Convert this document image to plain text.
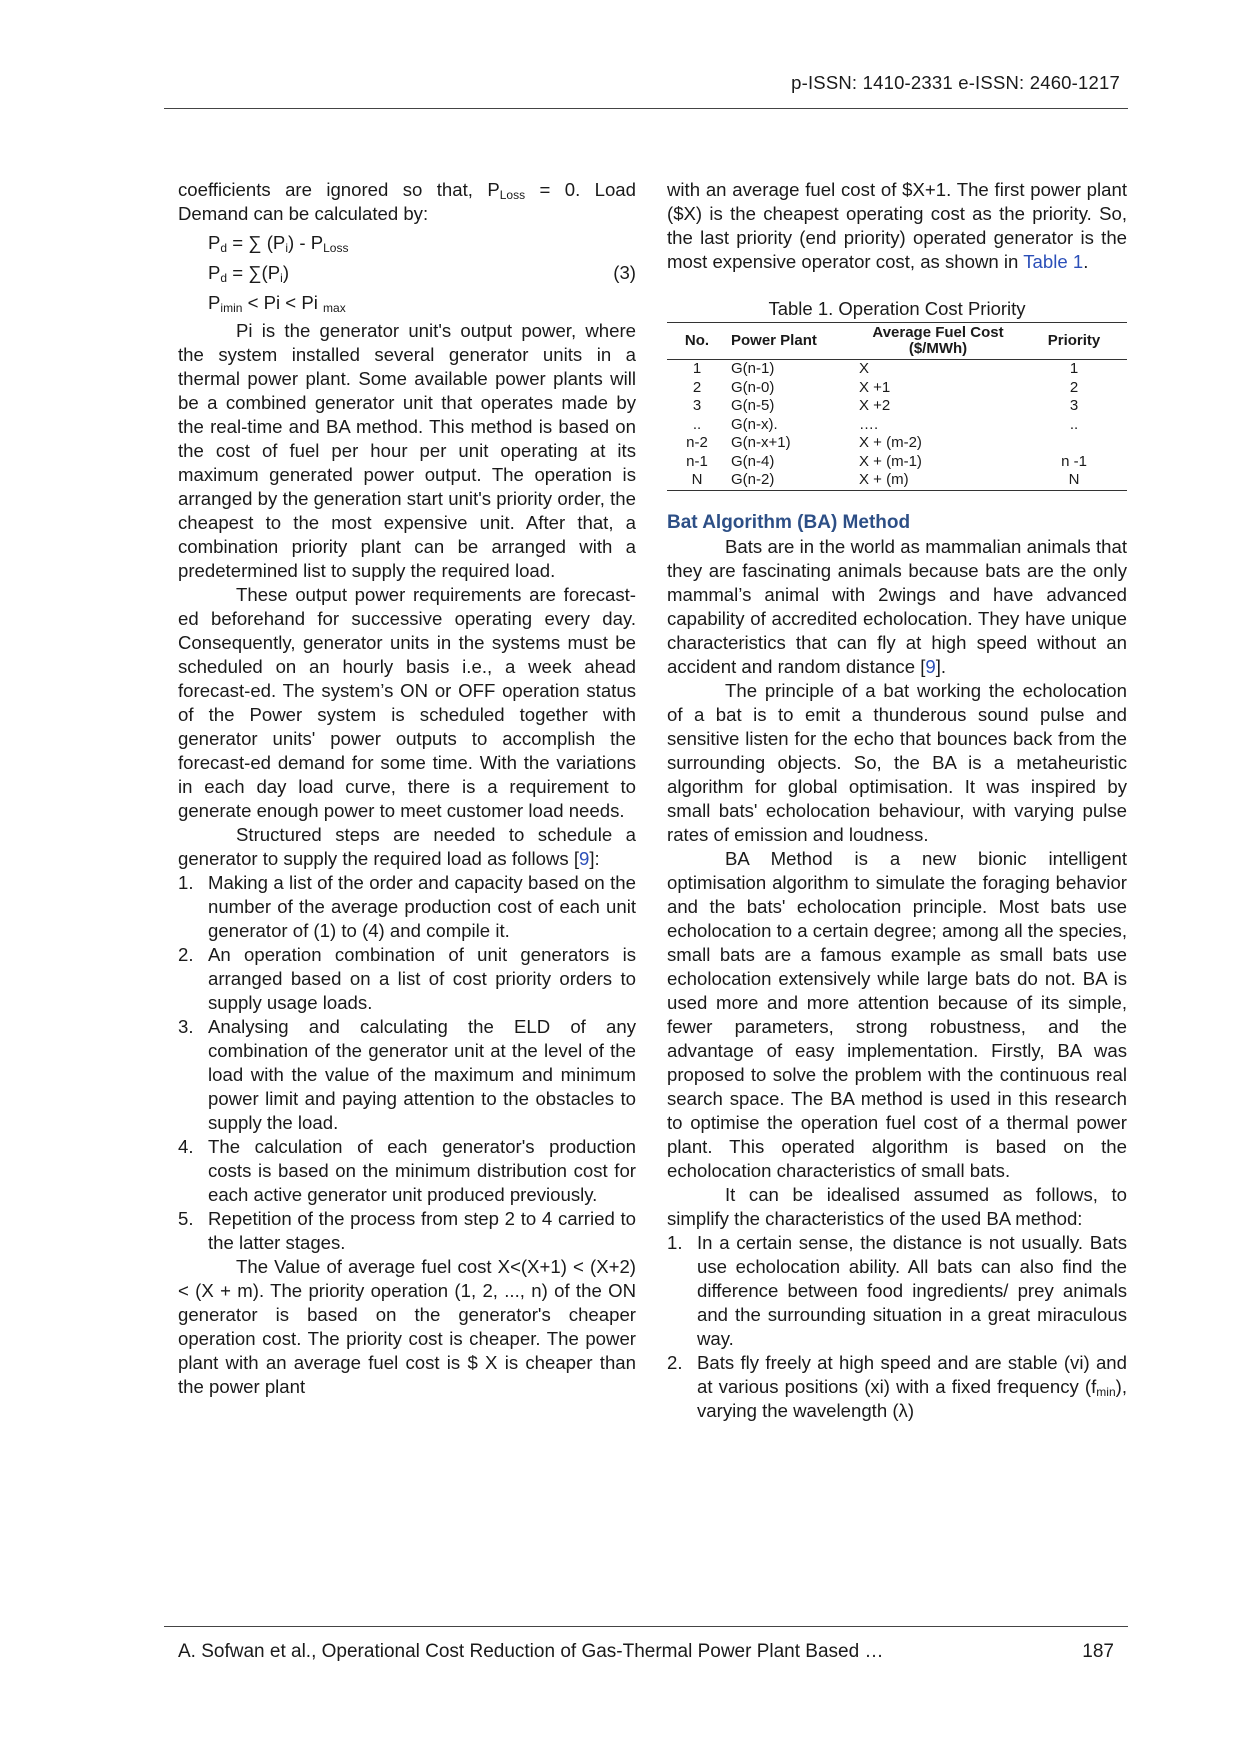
p-ISSN: 1410-2331 e-ISSN: 2460-1217

coefficients are ignored so that, $P_{Loss} = 0$. Load Demand can be calculated by:

$P_d$ = ∑ $(P_i) - P_{Loss}$
$P_d = \sum(P_i)$	(3)
$P_{imin} < Pi < Pi$ $_{max}$

Pi is the generator unit's output power, where the system installed several generator units in a thermal power plant. Some available power plants will be a combined generator unit that operates made by the real-time and BA method. This method is based on the cost of fuel per hour per unit operating at its maximum generated power output. The operation is arranged by the generation start unit's priority order, the cheapest to the most expensive unit. After that, a combination priority plant can be arranged with a predetermined list to supply the required load.

These output power requirements are forecast-ed beforehand for successive operating every day. Consequently, generator units in the systems must be scheduled on an hourly basis i.e., a week ahead forecast-ed. The system’s ON or OFF operation status of the Power system is scheduled together with generator units' power outputs to accomplish the forecast-ed demand for some time. With the variations in each day load curve, there is a requirement to generate enough power to meet customer load needs.

Structured steps are needed to schedule a generator to supply the required load as follows [9]:

1. Making a list of the order and capacity based on the number of the average production cost of each unit generator of (1) to (4) and compile it.
2. An operation combination of unit generators is arranged based on a list of cost priority orders to supply usage loads.
3. Analysing and calculating the ELD of any combination of the generator unit at the level of the load with the value of the maximum and minimum power limit and paying attention to the obstacles to supply the load.
4. The calculation of each generator's production costs is based on the minimum distribution cost for each active generator unit produced previously.
5. Repetition of the process from step 2 to 4 carried to the latter stages.

The Value of average fuel cost X<(X+1) < (X+2) < (X + m). The priority operation (1, 2, ..., n) of the ON generator is based on the generator's cheaper operation cost. The priority cost is cheaper. The power plant with an average fuel cost is $ X is cheaper than the power plant

with an average fuel cost of $X+1. The first power plant ($X) is the cheapest operating cost as the priority. So, the last priority (end priority) operated generator is the most expensive operator cost, as shown in Table 1.

Table 1. Operation Cost Priority
No.	Power Plant	Average Fuel Cost ($/MWh)	Priority
1	G(n-1)	X	1
2	G(n-0)	X +1	2
3	G(n-5)	X +2	3
..	G(n-x).	….	..
n-2	G(n-x+1)	X + (m-2)	
n-1	G(n-4)	X + (m-1)	n -1
N	G(n-2)	X + (m)	N
Bat Algorithm (BA) Method

Bats are in the world as mammalian animals that they are fascinating animals because bats are the only mammal’s animal with 2wings and have advanced capability of accredited echolocation. They have unique characteristics that can fly at high speed without an accident and random distance [9].

The principle of a bat working the echolocation of a bat is to emit a thunderous sound pulse and sensitive listen for the echo that bounces back from the surrounding objects. So, the BA is a metaheuristic algorithm for global optimisation. It was inspired by small bats' echolocation behaviour, with varying pulse rates of emission and loudness.

BA Method is a new bionic intelligent optimisation algorithm to simulate the foraging behavior and the bats' echolocation principle. Most bats use echolocation to a certain degree; among all the species, small bats are a famous example as small bats use echolocation extensively while large bats do not. BA is used more and more attention because of its simple, fewer parameters, strong robustness, and the advantage of easy implementation. Firstly, BA was proposed to solve the problem with the continuous real search space. The BA method is used in this research to optimise the operation fuel cost of a thermal power plant. This operated algorithm is based on the echolocation characteristics of small bats.

It can be idealised assumed as follows, to simplify the characteristics of the used BA method:

1. In a certain sense, the distance is not usually. Bats use echolocation ability. All bats can also find the difference between food ingredients/ prey animals and the surrounding situation in a great miraculous way.
2. Bats fly freely at high speed and are stable (vi) and at various positions (xi) with a fixed frequency $(f_{min})$, varying the wavelength (λ)
A. Sofwan et al., Operational Cost Reduction of Gas-Thermal Power Plant Based …	187
